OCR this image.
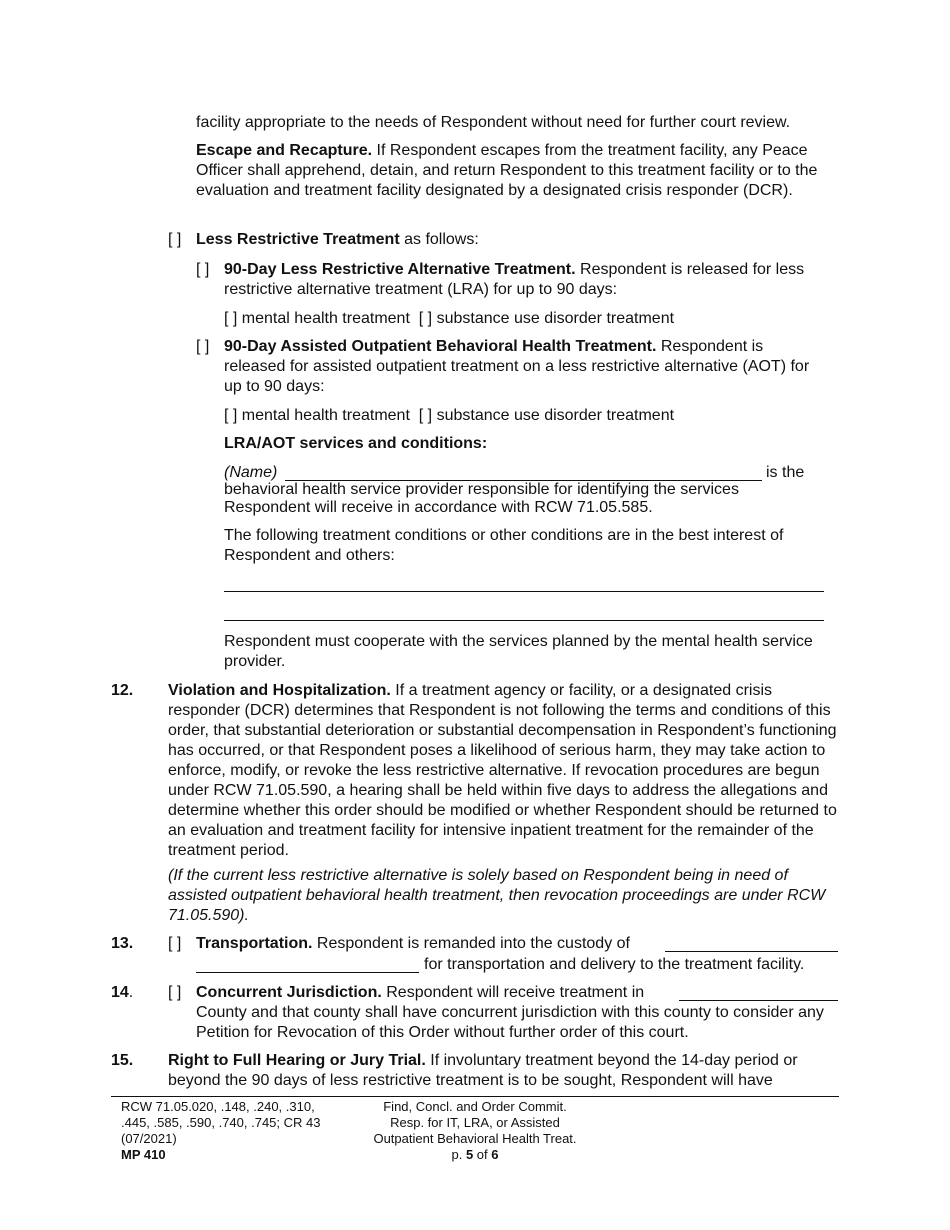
facility appropriate to the needs of Respondent without need for further court review.

Escape and Recapture. If Respondent escapes from the treatment facility, any Peace Officer shall apprehend, detain, and return Respondent to this treatment facility or to the evaluation and treatment facility designated by a designated crisis responder (DCR).

[ ] Less Restrictive Treatment as follows:

[ ] 90-Day Less Restrictive Alternative Treatment. Respondent is released for less restrictive alternative treatment (LRA) for up to 90 days:

[ ] mental health treatment [ ] substance use disorder treatment

[ ] 90-Day Assisted Outpatient Behavioral Health Treatment. Respondent is released for assisted outpatient treatment on a less restrictive alternative (AOT) for up to 90 days:

[ ] mental health treatment [ ] substance use disorder treatment

LRA/AOT services and conditions:

(Name)	is the

behavioral health service provider responsible for identifying the services Respondent will receive in accordance with RCW 71.05.585.

The following treatment conditions or other conditions are in the best interest of Respondent and others:

Respondent must cooperate with the services planned by the mental health service provider.

12. Violation and Hospitalization. If a treatment agency or facility, or a designated crisis responder (DCR) determines that Respondent is not following the terms and conditions of this order, that substantial deterioration or substantial decompensation in Respondent’s functioning has occurred, or that Respondent poses a likelihood of serious harm, they may take action to enforce, modify, or revoke the less restrictive alternative. If revocation procedures are begun under RCW 71.05.590, a hearing shall be held within five days to address the allegations and determine whether this order should be modified or whether Respondent should be returned to an evaluation and treatment facility for intensive inpatient treatment for the remainder of the treatment period.

(If the current less restrictive alternative is solely based on Respondent being in need of assisted outpatient behavioral health treatment, then revocation proceedings are under RCW 71.05.590).

13. [ ] Transportation. Respondent is remanded into the custody of

for transportation and delivery to the treatment facility.
14. [ ] Concurrent Jurisdiction. Respondent will receive treatment in

County and that county shall have concurrent jurisdiction with this county to consider any Petition for Revocation of this Order without further order of this court.

15. Right to Full Hearing or Jury Trial. If involuntary treatment beyond the 14-day period or beyond the 90 days of less restrictive treatment is to be sought, Respondent will have

RCW 71.05.020, .148, .240, .310,
.445, .585, .590, .740, .745; CR 43
(07/2021)
MP 410
Find, Concl. and Order Commit.
Resp. for IT, LRA, or Assisted
Outpatient Behavioral Health Treat.
p. 5 of 6
